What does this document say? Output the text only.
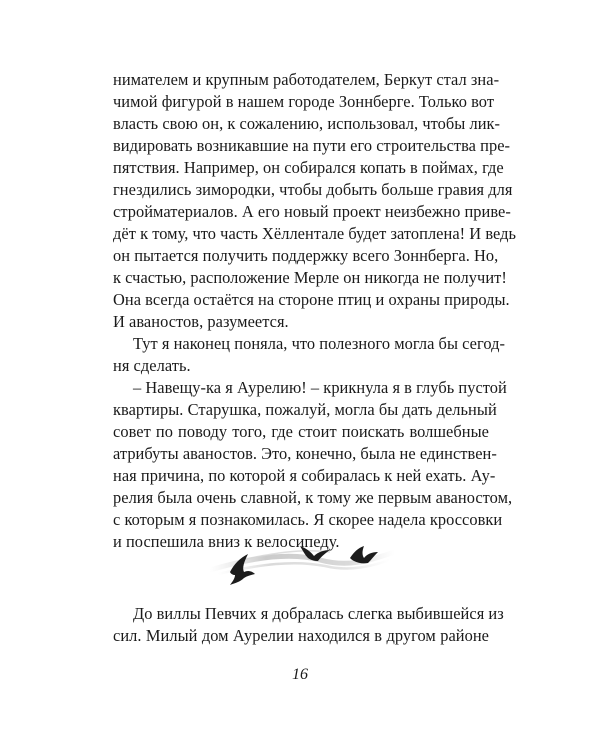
нимателем и крупным работодателем, Беркут стал зна-
чимой фигурой в нашем городе Зоннберге. Только вот
власть свою он, к сожалению, использовал, чтобы лик-
видировать возникавшие на пути его строительства пре-
пятствия. Например, он собирался копать в поймах, где
гнездились зимородки, чтобы добыть больше гравия для
стройматериалов. А его новый проект неизбежно приве-
дёт к тому, что часть Хёллентале будет затоплена! И ведь
он пытается получить поддержку всего Зоннберга. Но,
к счастью, расположение Мерле он никогда не получит!
Она всегда остаётся на стороне птиц и охраны природы.
И аваностов, разумеется.
Тут я наконец поняла, что полезного могла бы сегод-
ня сделать.
– Навещу-ка я Аурелию! – крикнула я в глубь пустой
квартиры. Старушка, пожалуй, могла бы дать дельный
совет по поводу того, где стоит поискать волшебные
атрибуты аваностов. Это, конечно, была не единствен-
ная причина, по которой я собиралась к ней ехать. Ау-
релия была очень славной, к тому же первым аваностом,
с которым я познакомилась. Я скорее надела кроссовки
и поспешила вниз к велосипеду.
До виллы Певчих я добралась слегка выбившейся из
сил. Милый дом Аурелии находился в другом районе
16
